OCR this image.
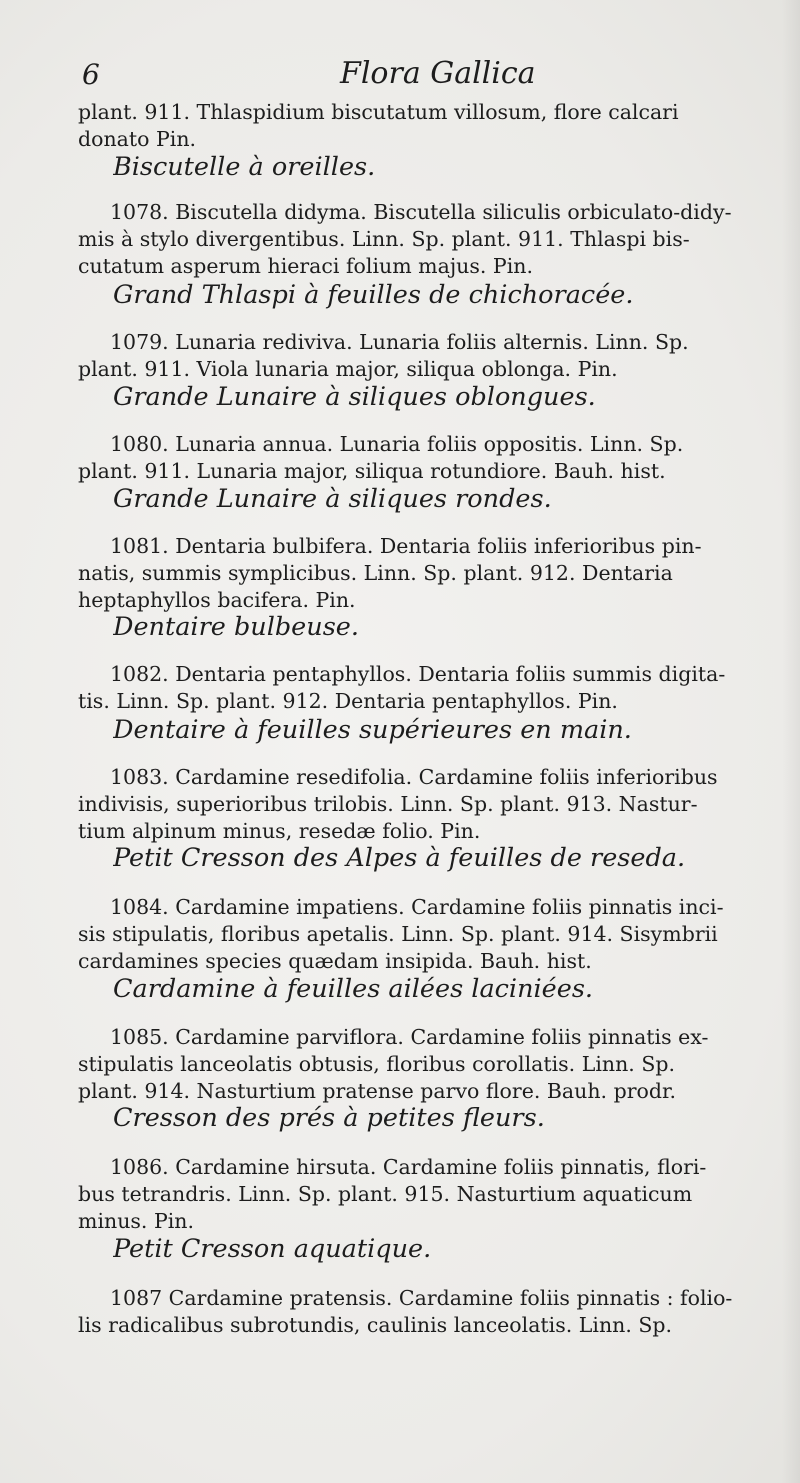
6	Flora Gallica
plant. 911. Thlaspidium biscutatum villosum, flore calcari
donato Pin.
Biscutelle à oreilles.
1078. Biscutella didyma. Biscutella siliculis orbiculato-didy-
mis à stylo divergentibus. Linn. Sp. plant. 911. Thlaspi bis-
cutatum asperum hieraci folium majus. Pin.
Grand Thlaspi à feuilles de chichoracée.
1079. Lunaria rediviva. Lunaria foliis alternis. Linn. Sp.
plant. 911. Viola lunaria major, siliqua oblonga. Pin.
Grande Lunaire à siliques oblongues.
1080. Lunaria annua. Lunaria foliis oppositis. Linn. Sp.
plant. 911. Lunaria major, siliqua rotundiore. Bauh. hist.
Grande Lunaire à siliques rondes.
1081. Dentaria bulbifera. Dentaria foliis inferioribus pin-
natis, summis symplicibus. Linn. Sp. plant. 912. Dentaria
heptaphyllos bacifera. Pin.
Dentaire bulbeuse.
1082. Dentaria pentaphyllos. Dentaria foliis summis digita-
tis. Linn. Sp. plant. 912. Dentaria pentaphyllos. Pin.
Dentaire à feuilles supérieures en main.
1083. Cardamine resedifolia. Cardamine foliis inferioribus
indivisis, superioribus trilobis. Linn. Sp. plant. 913. Nastur-
tium alpinum minus, resedæ folio. Pin.
Petit Cresson des Alpes à feuilles de reseda.
1084. Cardamine impatiens. Cardamine foliis pinnatis inci-
sis stipulatis, floribus apetalis. Linn. Sp. plant. 914. Sisymbrii
cardamines species quædam insipida. Bauh. hist.
Cardamine à feuilles ailées laciniées.
1085. Cardamine parviflora. Cardamine foliis pinnatis ex-
stipulatis lanceolatis obtusis, floribus corollatis. Linn. Sp.
plant. 914. Nasturtium pratense parvo flore. Bauh. prodr.
Cresson des prés à petites fleurs.
1086. Cardamine hirsuta. Cardamine foliis pinnatis, flori-
bus tetrandris. Linn. Sp. plant. 915. Nasturtium aquaticum
minus. Pin.
Petit Cresson aquatique.
1087 Cardamine pratensis. Cardamine foliis pinnatis : folio-
lis radicalibus subrotundis, caulinis lanceolatis. Linn. Sp.
